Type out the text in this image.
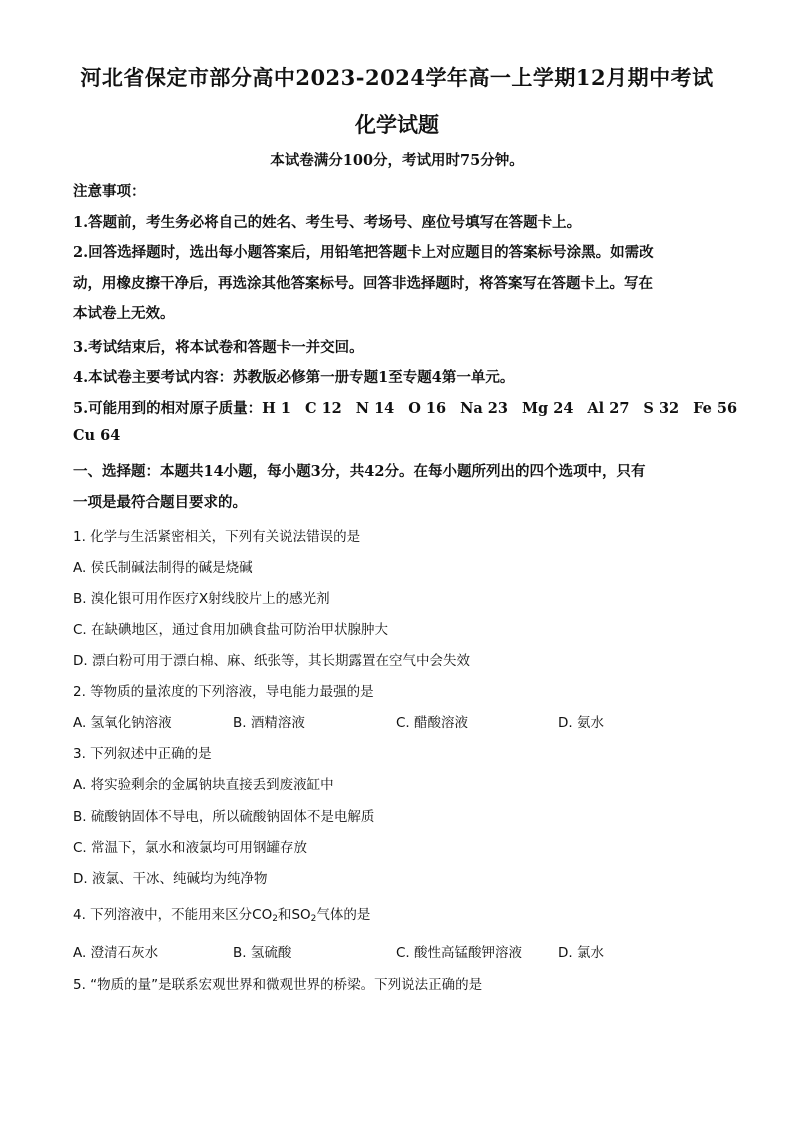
河北省保定市部分高中2023-2024学年高一上学期12月期中考试
化学试题
本试卷满分100分，考试用时75分钟。
注意事项：
1.答题前，考生务必将自己的姓名、考生号、考场号、座位号填写在答题卡上。
2.回答选择题时，选出每小题答案后，用铅笔把答题卡上对应题目的答案标号涂黑。如需改
动，用橡皮擦干净后，再选涂其他答案标号。回答非选择题时，将答案写在答题卡上。写在
本试卷上无效。
3.考试结束后，将本试卷和答题卡一并交回。
4.本试卷主要考试内容：苏教版必修第一册专题1至专题4第一单元。
5.可能用到的相对原子质量：H 1 C 12 N 14 O 16 Na 23 Mg 24 Al 27 S 32 Fe 56
Cu 64
一、选择题：本题共14小题，每小题3分，共42分。在每小题所列出的四个选项中，只有
一项是最符合题目要求的。
1. 化学与生活紧密相关，下列有关说法错误的是
A. 侯氏制碱法制得的碱是烧碱
B. 溴化银可用作医疗X射线胶片上的感光剂
C. 在缺碘地区，通过食用加碘食盐可防治甲状腺肿大
D. 漂白粉可用于漂白棉、麻、纸张等，其长期露置在空气中会失效
2. 等物质的量浓度的下列溶液，导电能力最强的是
A. 氢氧化钠溶液	B. 酒精溶液	C. 醋酸溶液	D. 氨水
3. 下列叙述中正确的是
A. 将实验剩余的金属钠块直接丢到废液缸中
B. 硫酸钠固体不导电，所以硫酸钠固体不是电解质
C. 常温下，氯水和液氯均可用钢罐存放
D. 液氯、干冰、纯碱均为纯净物
4. 下列溶液中，不能用来区分$CO_2$和$SO_2$气体的是
A. 澄清石灰水	B. 氢硫酸	C. 酸性高锰酸钾溶液	D. 氯水
5. “物质的量”是联系宏观世界和微观世界的桥梁。下列说法正确的是
